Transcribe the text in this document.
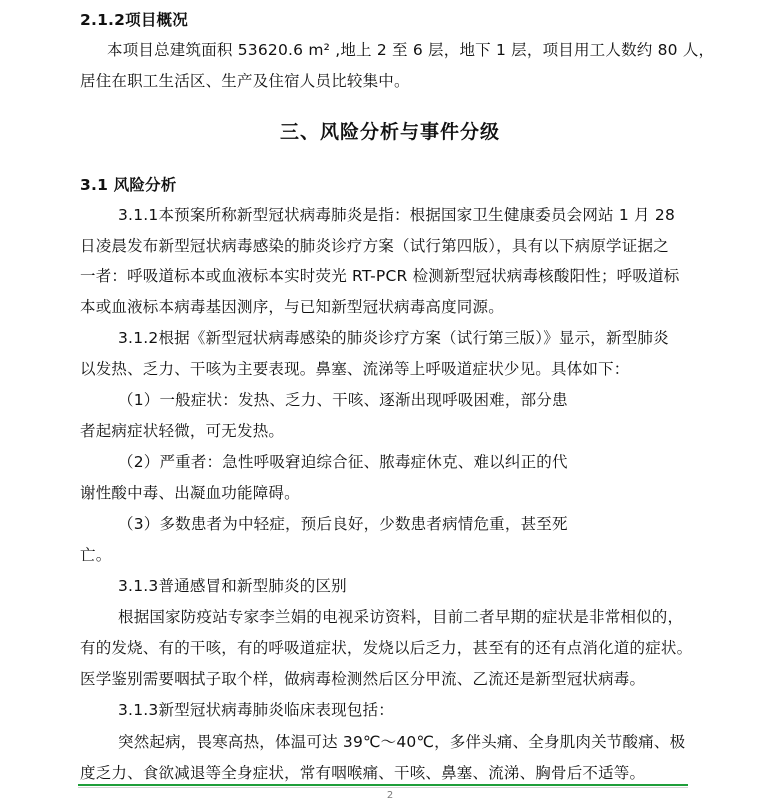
2.1.2项目概况
本项目总建筑面积 53620.6 m² ,地上 2 至 6 层，地下 1 层，项目用工人数约 80 人，
居住在职工生活区、生产及住宿人员比较集中。
三、风险分析与事件分级
3.1 风险分析
3.1.1本预案所称新型冠状病毒肺炎是指：根据国家卫生健康委员会网站 1 月 28
日凌晨发布新型冠状病毒感染的肺炎诊疗方案（试行第四版），具有以下病原学证据之
一者：呼吸道标本或血液标本实时荧光 RT-PCR 检测新型冠状病毒核酸阳性；呼吸道标
本或血液标本病毒基因测序，与已知新型冠状病毒高度同源。
3.1.2根据《新型冠状病毒感染的肺炎诊疗方案（试行第三版）》显示，新型肺炎
以发热、乏力、干咳为主要表现。鼻塞、流涕等上呼吸道症状少见。具体如下：
（1）一般症状：发热、乏力、干咳、逐渐出现呼吸困难，部分患
者起病症状轻微，可无发热。
（2）严重者：急性呼吸窘迫综合征、脓毒症休克、难以纠正的代
谢性酸中毒、出凝血功能障碍。
（3）多数患者为中轻症，预后良好，少数患者病情危重，甚至死
亡。
3.1.3普通感冒和新型肺炎的区别
根据国家防疫站专家李兰娟的电视采访资料，目前二者早期的症状是非常相似的，
有的发烧、有的干咳，有的呼吸道症状，发烧以后乏力，甚至有的还有点消化道的症状。
医学鉴别需要咽拭子取个样，做病毒检测然后区分甲流、乙流还是新型冠状病毒。
3.1.3新型冠状病毒肺炎临床表现包括：
突然起病，畏寒高热，体温可达 39℃～40℃，多伴头痛、全身肌肉关节酸痛、极
度乏力、食欲减退等全身症状，常有咽喉痛、干咳、鼻塞、流涕、胸骨后不适等。
2
